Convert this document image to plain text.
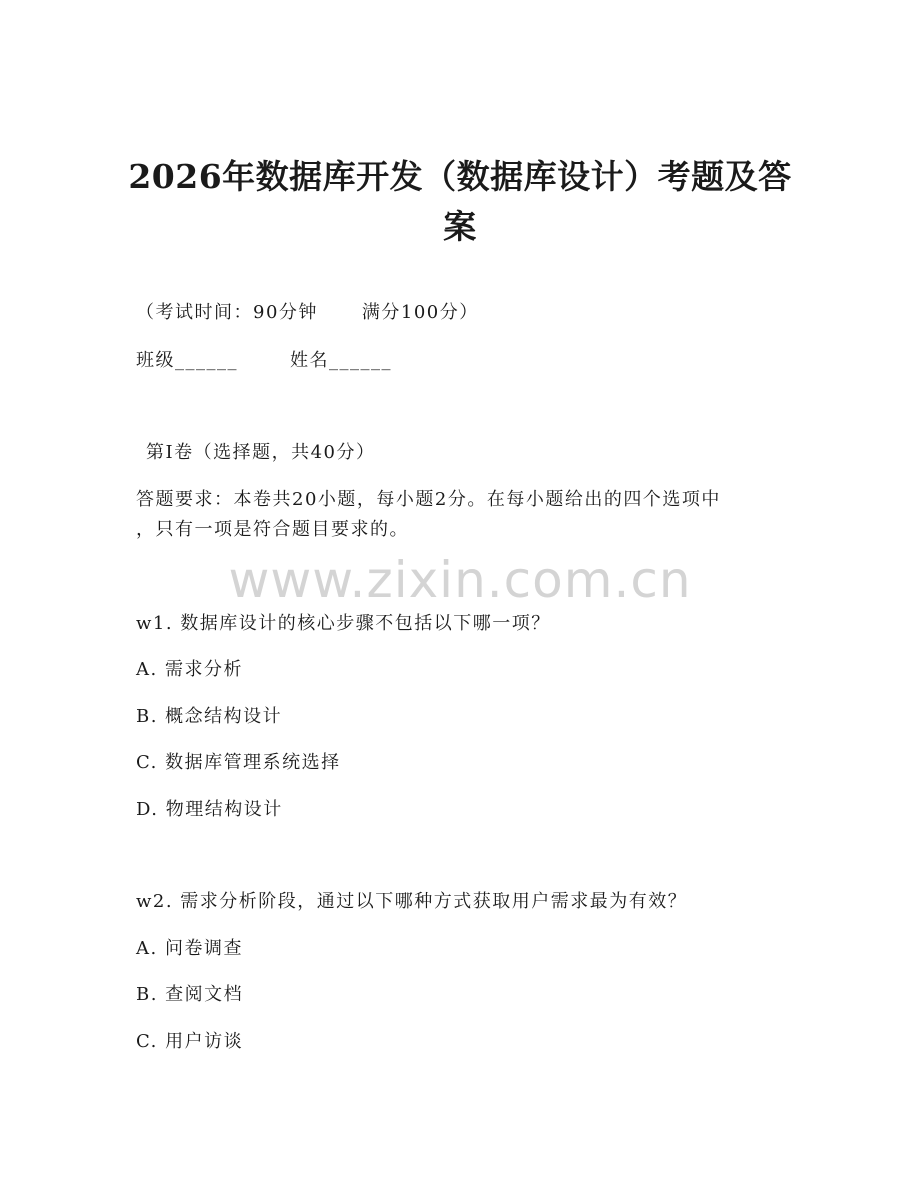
2026年数据库开发（数据库设计）考题及答案
（考试时间：90分钟 满分100分）
班级______	姓名______
第I卷（选择题，共40分）
答题要求：本卷共20小题，每小题2分。在每小题给出的四个选项中
，只有一项是符合题目要求的。
www.zixin.com.cn
w1. 数据库设计的核心步骤不包括以下哪一项？
A. 需求分析
B. 概念结构设计
C. 数据库管理系统选择
D. 物理结构设计
w2. 需求分析阶段，通过以下哪种方式获取用户需求最为有效？
A. 问卷调查
B. 查阅文档
C. 用户访谈
